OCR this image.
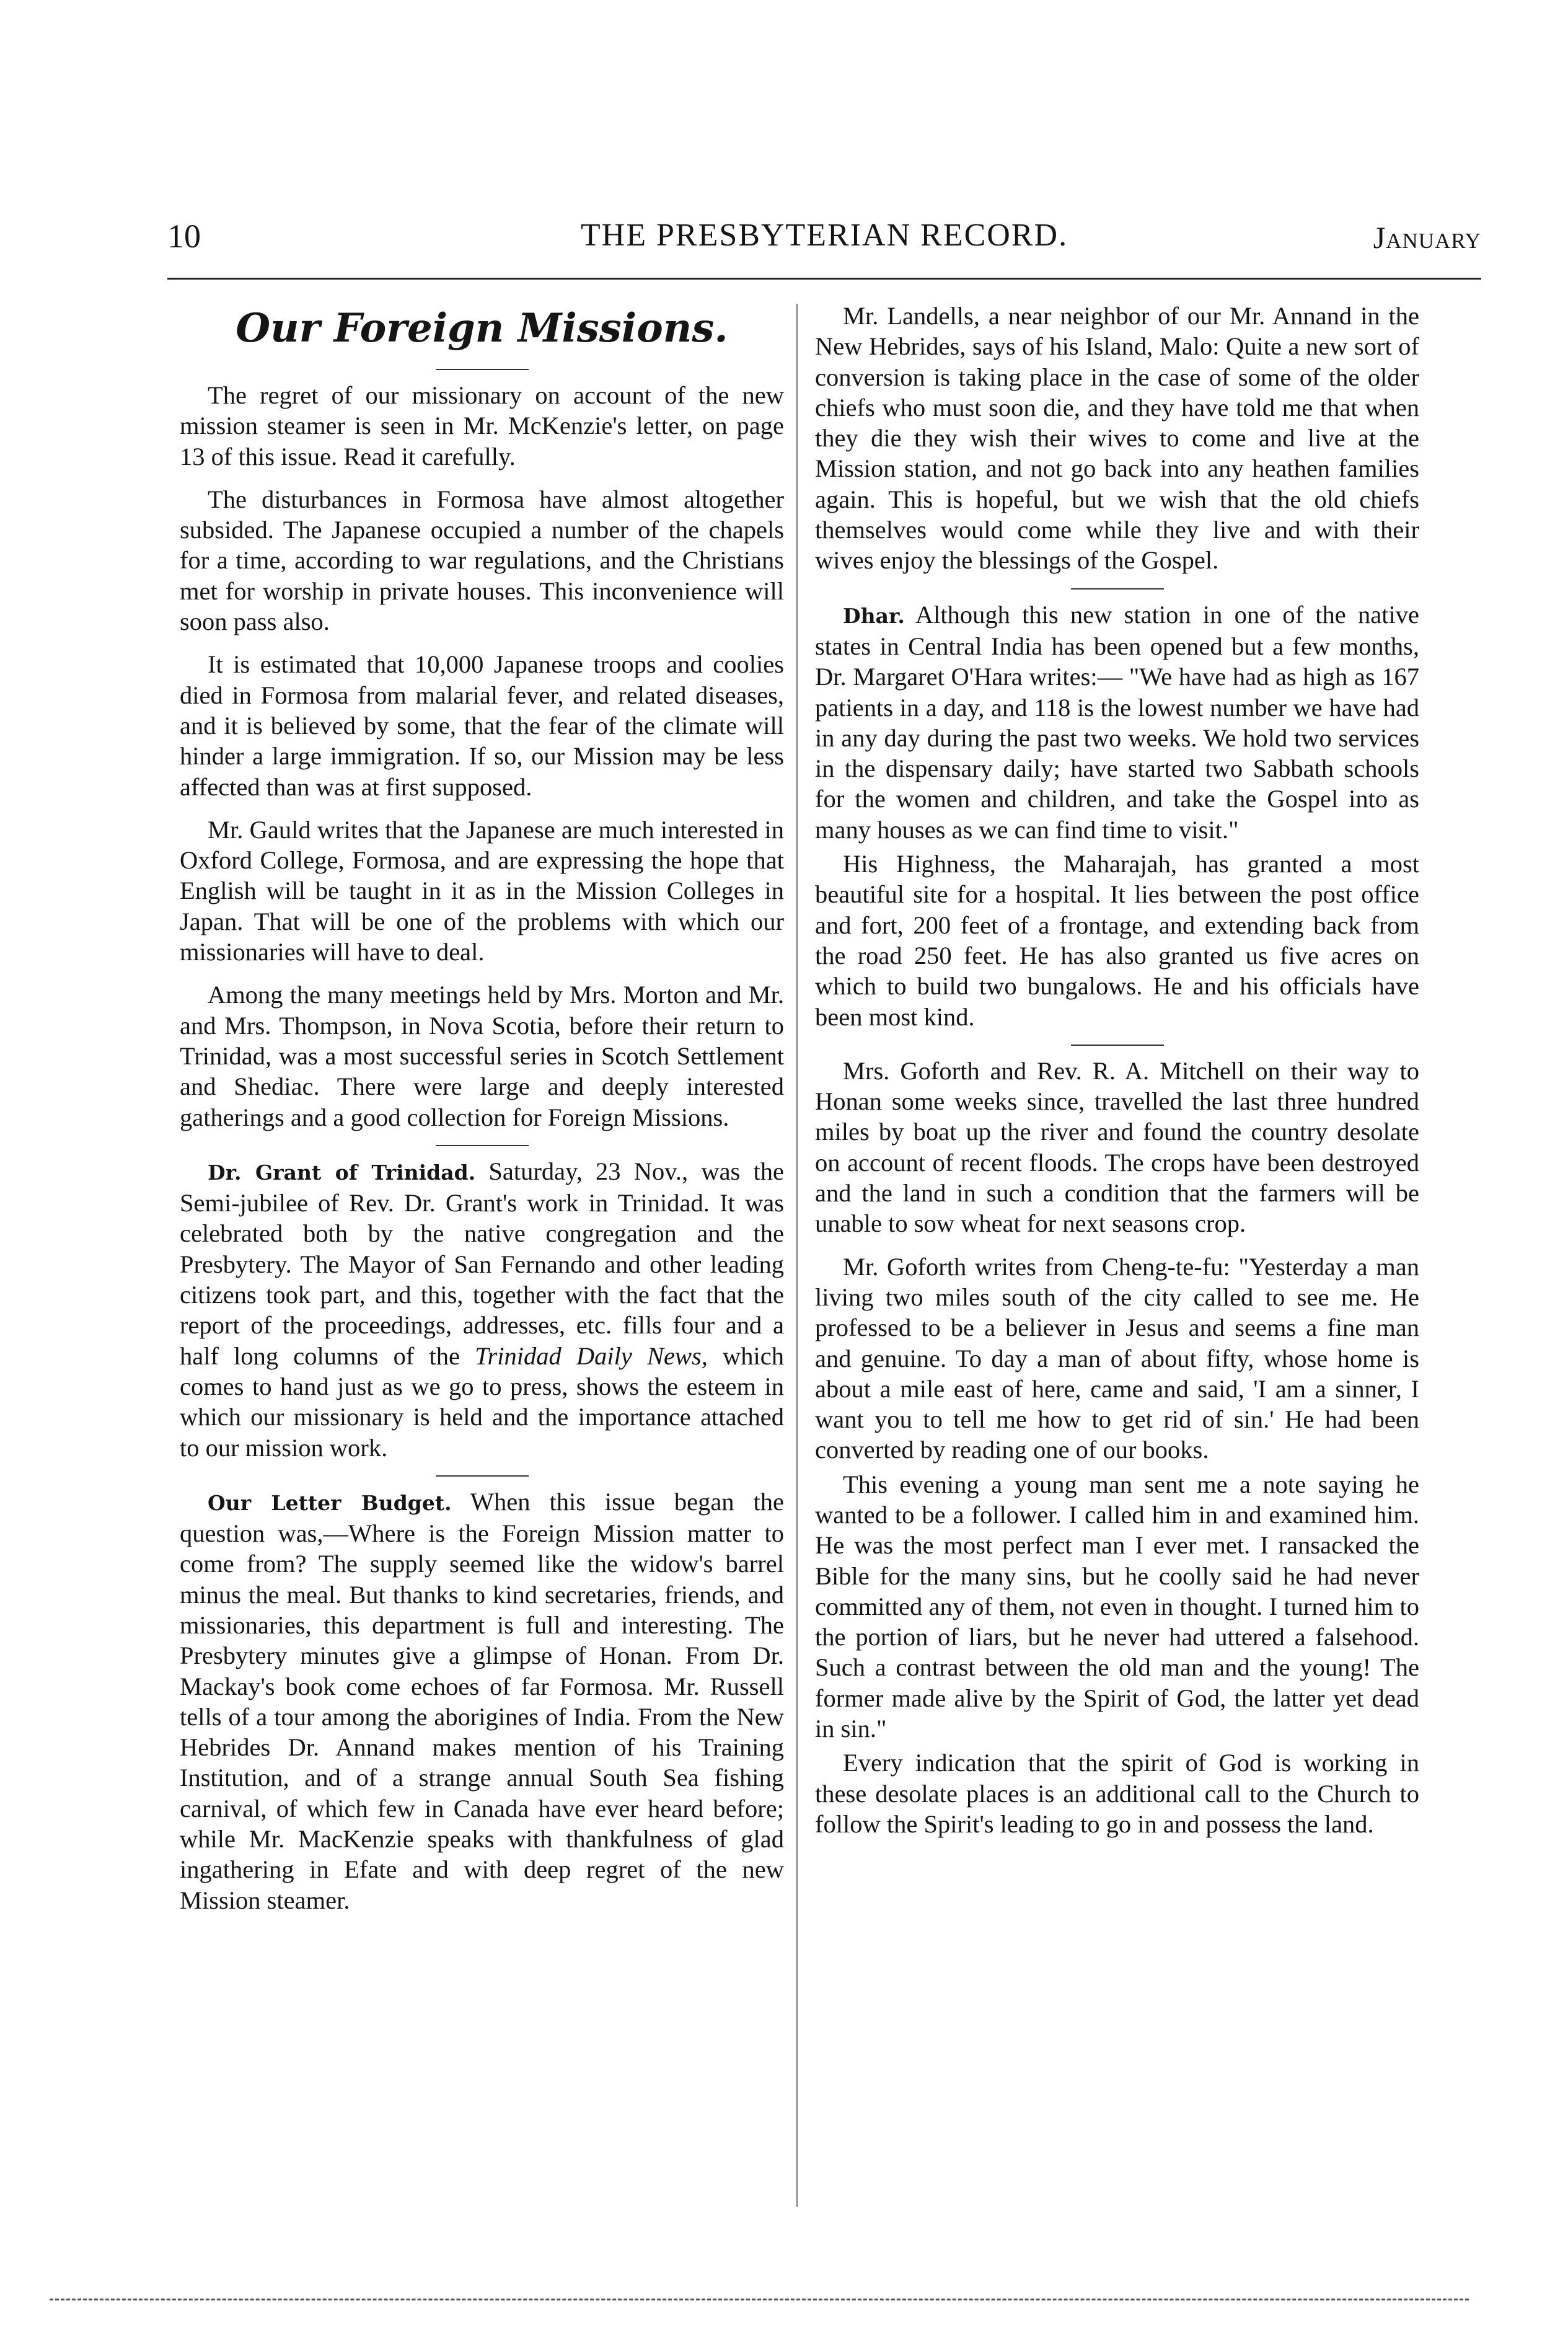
10	THE PRESBYTERIAN RECORD.	January
Our Foreign Missions.

The regret of our missionary on account of the new mission steamer is seen in Mr. McKenzie's letter, on page 13 of this issue. Read it carefully.

The disturbances in Formosa have almost altogether subsided. The Japanese occupied a number of the chapels for a time, according to war regulations, and the Christians met for worship in private houses. This inconvenience will soon pass also.

It is estimated that 10,000 Japanese troops and coolies died in Formosa from malarial fever, and related diseases, and it is believed by some, that the fear of the climate will hinder a large immigration. If so, our Mission may be less affected than was at first supposed.

Mr. Gauld writes that the Japanese are much interested in Oxford College, Formosa, and are expressing the hope that English will be taught in it as in the Mission Colleges in Japan. That will be one of the problems with which our missionaries will have to deal.

Among the many meetings held by Mrs. Morton and Mr. and Mrs. Thompson, in Nova Scotia, before their return to Trinidad, was a most successful series in Scotch Settlement and Shediac. There were large and deeply interested gatherings and a good collection for Foreign Missions.

Dr. Grant of Trinidad. Saturday, 23 Nov., was the Semi-jubilee of Rev. Dr. Grant's work in Trinidad. It was celebrated both by the native congregation and the Presbytery. The Mayor of San Fernando and other leading citizens took part, and this, together with the fact that the report of the proceedings, addresses, etc. fills four and a half long columns of the Trinidad Daily News, which comes to hand just as we go to press, shows the esteem in which our missionary is held and the importance attached to our mission work.

Our Letter Budget. When this issue began the question was,—Where is the Foreign Mission matter to come from? The supply seemed like the widow's barrel minus the meal. But thanks to kind secretaries, friends, and missionaries, this department is full and interesting. The Presbytery minutes give a glimpse of Honan. From Dr. Mackay's book come echoes of far Formosa. Mr. Russell tells of a tour among the aborigines of India. From the New Hebrides Dr. Annand makes mention of his Training Institution, and of a strange annual South Sea fishing carnival, of which few in Canada have ever heard before; while Mr. MacKenzie speaks with thankfulness of glad ingathering in Efate and with deep regret of the new Mission steamer.

Mr. Landells, a near neighbor of our Mr. Annand in the New Hebrides, says of his Island, Malo: Quite a new sort of conversion is taking place in the case of some of the older chiefs who must soon die, and they have told me that when they die they wish their wives to come and live at the Mission station, and not go back into any heathen families again. This is hopeful, but we wish that the old chiefs themselves would come while they live and with their wives enjoy the blessings of the Gospel.

Dhar. Although this new station in one of the native states in Central India has been opened but a few months, Dr. Margaret O'Hara writes:— "We have had as high as 167 patients in a day, and 118 is the lowest number we have had in any day during the past two weeks. We hold two services in the dispensary daily; have started two Sabbath schools for the women and children, and take the Gospel into as many houses as we can find time to visit."

His Highness, the Maharajah, has granted a most beautiful site for a hospital. It lies between the post office and fort, 200 feet of a frontage, and extending back from the road 250 feet. He has also granted us five acres on which to build two bungalows. He and his officials have been most kind.

Mrs. Goforth and Rev. R. A. Mitchell on their way to Honan some weeks since, travelled the last three hundred miles by boat up the river and found the country desolate on account of recent floods. The crops have been destroyed and the land in such a condition that the farmers will be unable to sow wheat for next seasons crop.

Mr. Goforth writes from Cheng-te-fu: "Yesterday a man living two miles south of the city called to see me. He professed to be a believer in Jesus and seems a fine man and genuine. To day a man of about fifty, whose home is about a mile east of here, came and said, 'I am a sinner, I want you to tell me how to get rid of sin.' He had been converted by reading one of our books.

This evening a young man sent me a note saying he wanted to be a follower. I called him in and examined him. He was the most perfect man I ever met. I ransacked the Bible for the many sins, but he coolly said he had never committed any of them, not even in thought. I turned him to the portion of liars, but he never had uttered a falsehood. Such a contrast between the old man and the young! The former made alive by the Spirit of God, the latter yet dead in sin."

Every indication that the spirit of God is working in these desolate places is an additional call to the Church to follow the Spirit's leading to go in and possess the land.
